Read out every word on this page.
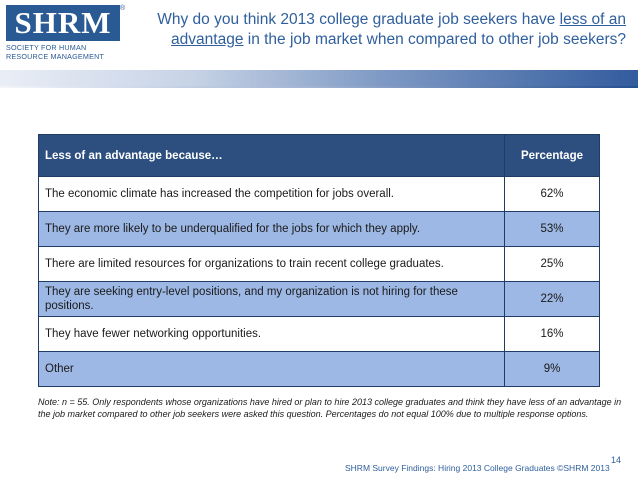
SHRM	®
SOCIETY FOR HUMAN
RESOURCE MANAGEMENT
Why do you think 2013 college graduate job seekers have less of an
advantage in the job market when compared to other job seekers?
Less of an advantage because…	Percentage
The economic climate has increased the competition for jobs overall.	62%
They are more likely to be underqualified for the jobs for which they apply.	53%
There are limited resources for organizations to train recent college graduates.	25%
They are seeking entry-level positions, and my organization is not hiring for these positions.	22%
They have fewer networking opportunities.	16%
Other	9%
Note: n = 55. Only respondents whose organizations have hired or plan to hire 2013 college graduates and think they have less of an advantage in the job market compared to other job seekers were asked this question. Percentages do not equal 100% due to multiple response options.
SHRM Survey Findings: Hiring 2013 College Graduates ©SHRM 2013
14
